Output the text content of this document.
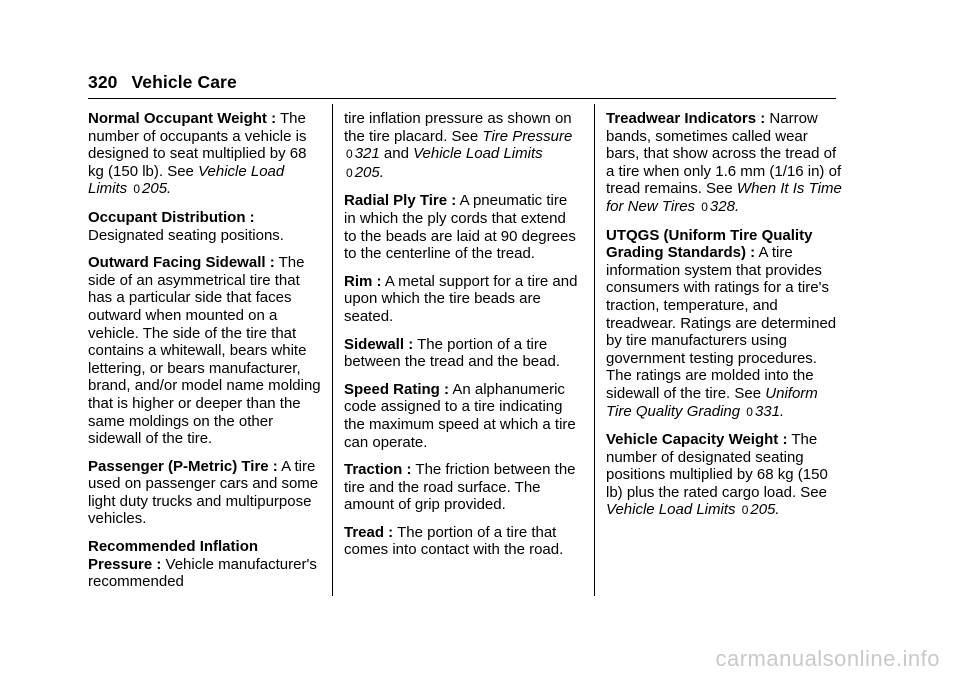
320 Vehicle Care

Normal Occupant Weight : The number of occupants a vehicle is designed to seat multiplied by 68 kg (150 lb). See Vehicle Load Limits 0 205.

Occupant Distribution : Designated seating positions.

Outward Facing Sidewall : The side of an asymmetrical tire that has a particular side that faces outward when mounted on a vehicle. The side of the tire that contains a whitewall, bears white lettering, or bears manufacturer, brand, and/or model name molding that is higher or deeper than the same moldings on the other sidewall of the tire.

Passenger (P-Metric) Tire : A tire used on passenger cars and some light duty trucks and multipurpose vehicles.

Recommended Inflation Pressure : Vehicle manufacturer's recommended

tire inflation pressure as shown on the tire placard. See Tire Pressure 0 321 and Vehicle Load Limits 0 205.

Radial Ply Tire : A pneumatic tire in which the ply cords that extend to the beads are laid at 90 degrees to the centerline of the tread.

Rim : A metal support for a tire and upon which the tire beads are seated.

Sidewall : The portion of a tire between the tread and the bead.

Speed Rating : An alphanumeric code assigned to a tire indicating the maximum speed at which a tire can operate.

Traction : The friction between the tire and the road surface. The amount of grip provided.

Tread : The portion of a tire that comes into contact with the road.

Treadwear Indicators : Narrow bands, sometimes called wear bars, that show across the tread of a tire when only 1.6 mm (1/16 in) of tread remains. See When It Is Time for New Tires 0 328.

UTQGS (Uniform Tire Quality Grading Standards) : A tire information system that provides consumers with ratings for a tire's traction, temperature, and treadwear. Ratings are determined by tire manufacturers using government testing procedures. The ratings are molded into the sidewall of the tire. See Uniform Tire Quality Grading 0 331.

Vehicle Capacity Weight : The number of designated seating positions multiplied by 68 kg (150 lb) plus the rated cargo load. See Vehicle Load Limits 0 205.

carmanualsonline.info
